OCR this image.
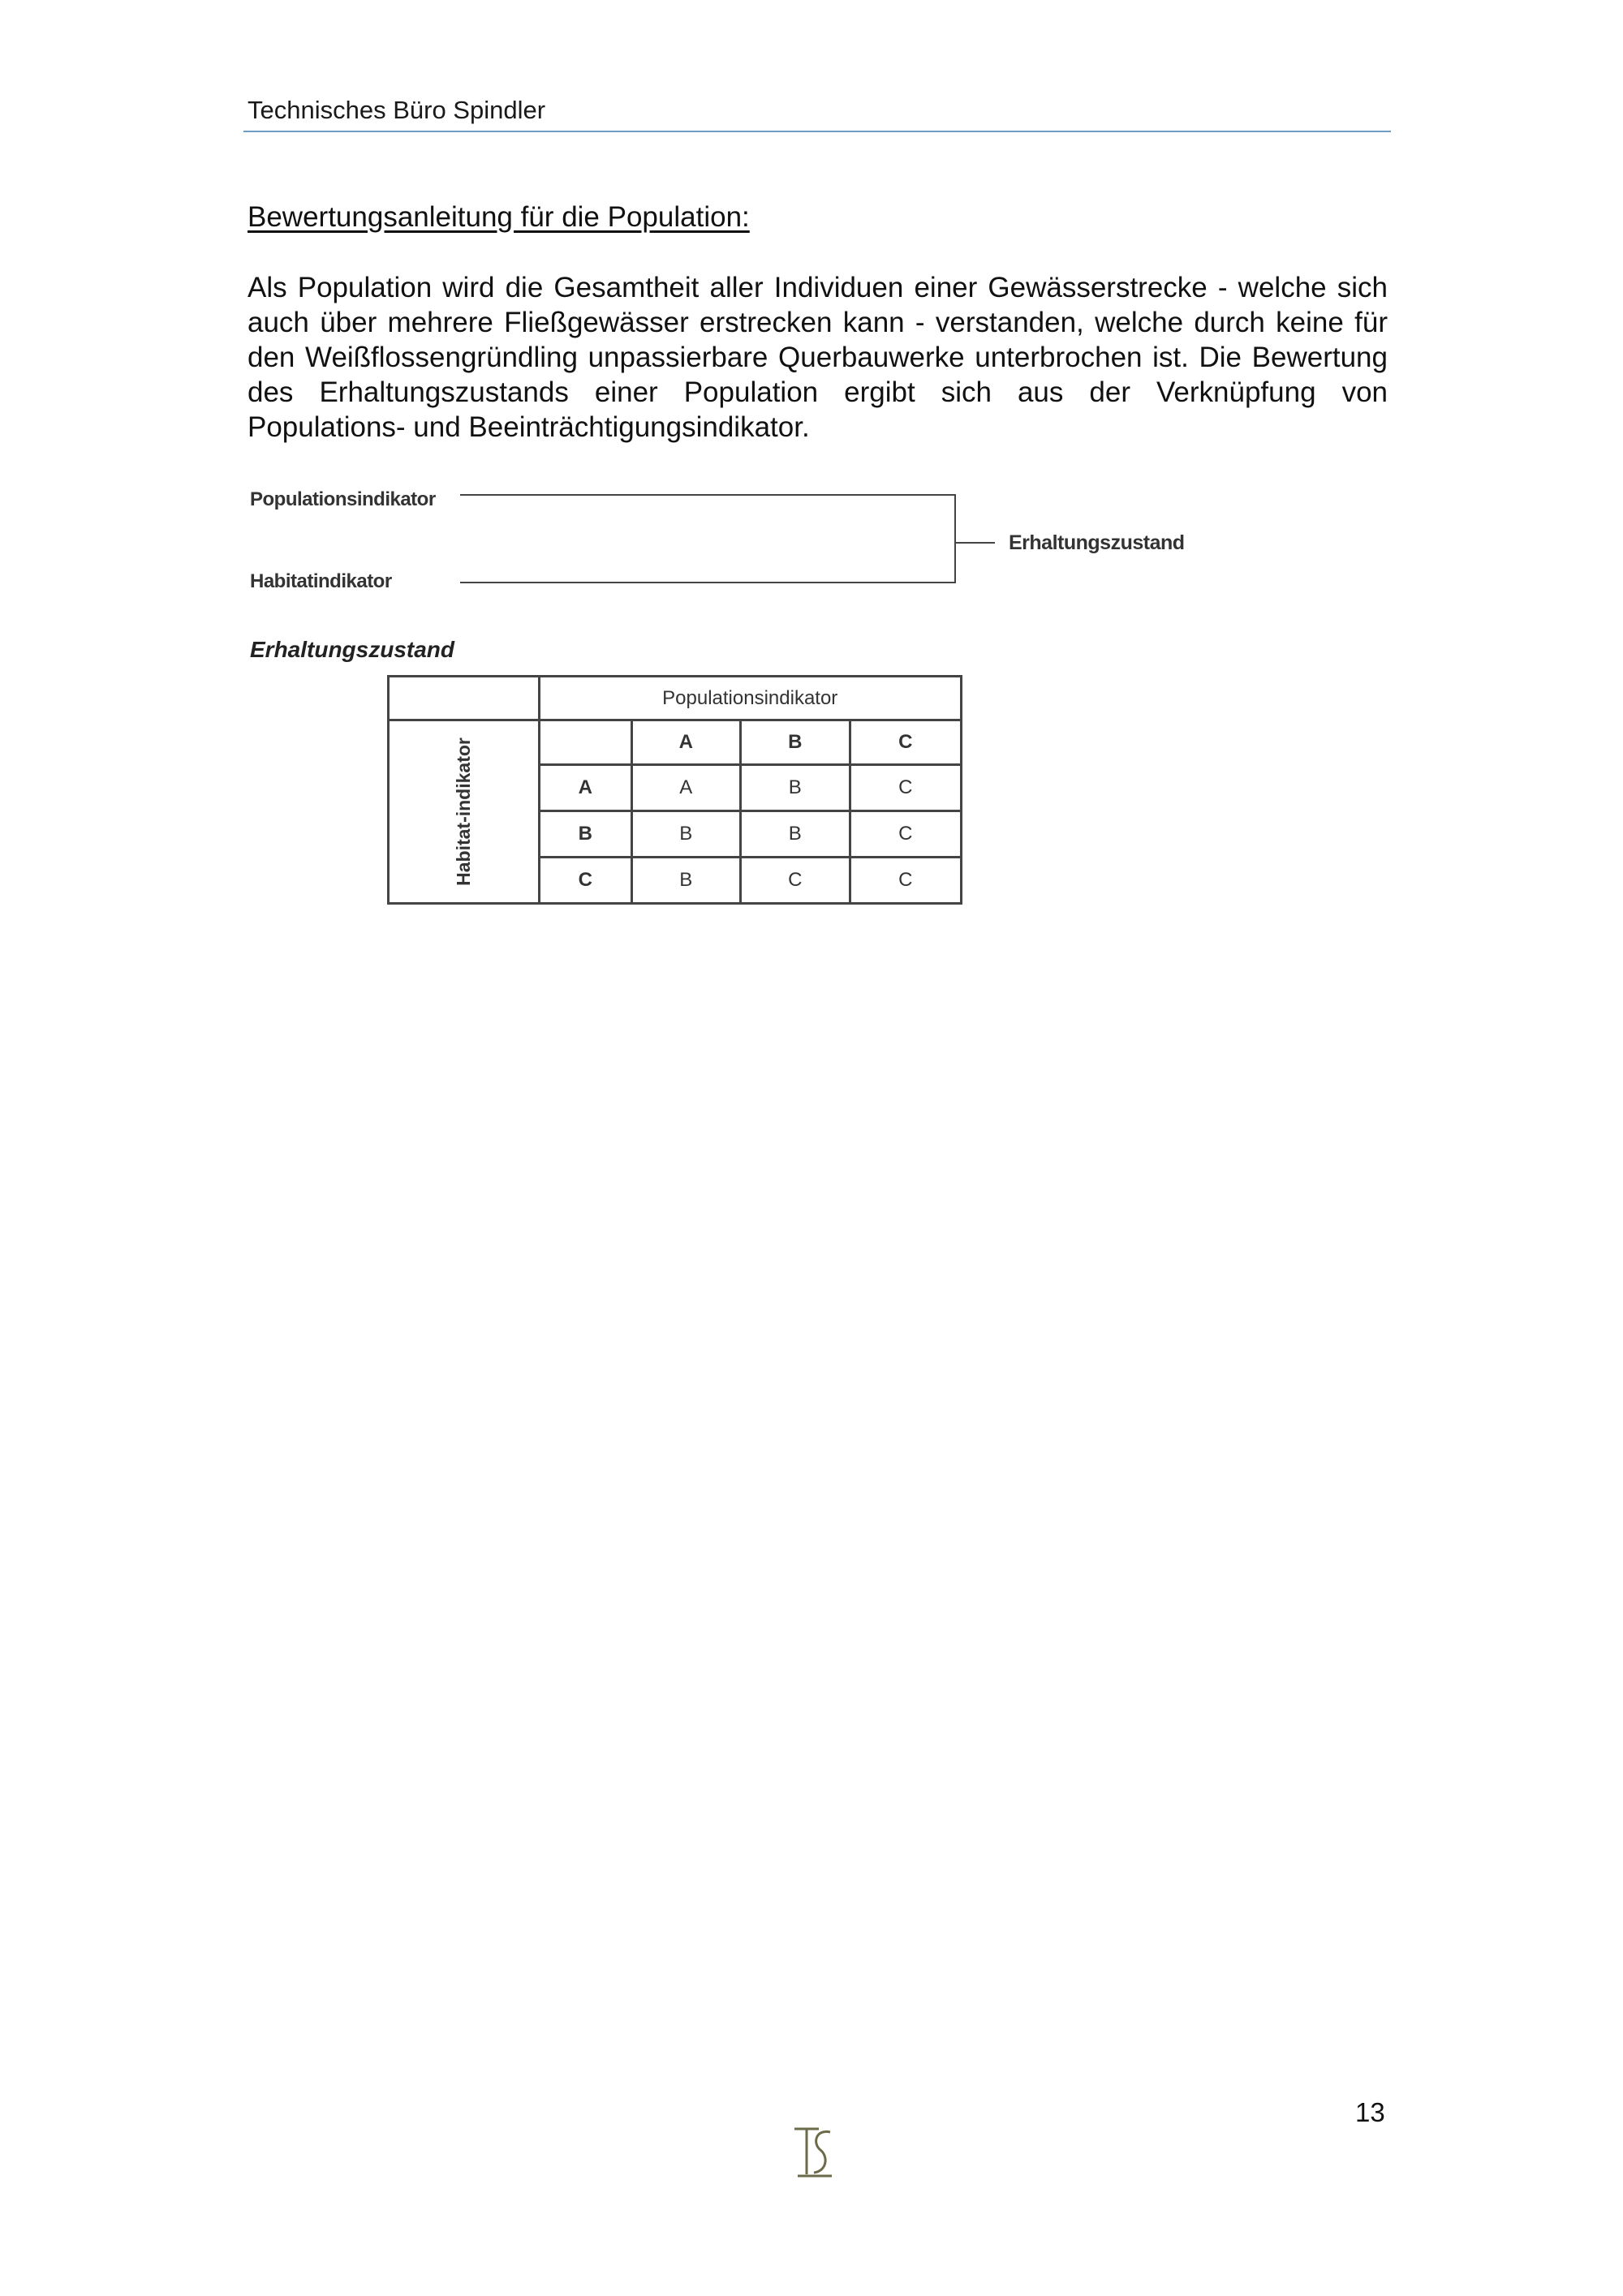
Technisches Büro Spindler
Bewertungsanleitung für die Population:
Als Population wird die Gesamtheit aller Individuen einer Gewässerstrecke - welche sich auch über mehrere Fließgewässer erstrecken kann - verstanden, welche durch keine für den Weißflossengründling unpassierbare Querbauwerke unterbrochen ist. Die Bewertung des Erhaltungszustands einer Population ergibt sich aus der Verknüpfung von Populations- und Beeinträchtigungsindikator.
Populationsindikator
Habitatindikator
Erhaltungszustand
Erhaltungszustand
	Populationsindikator			
Habitat-indikator		A	B	C
	A	A	B	C
	B	B	B	C
	C	B	C	C
13
